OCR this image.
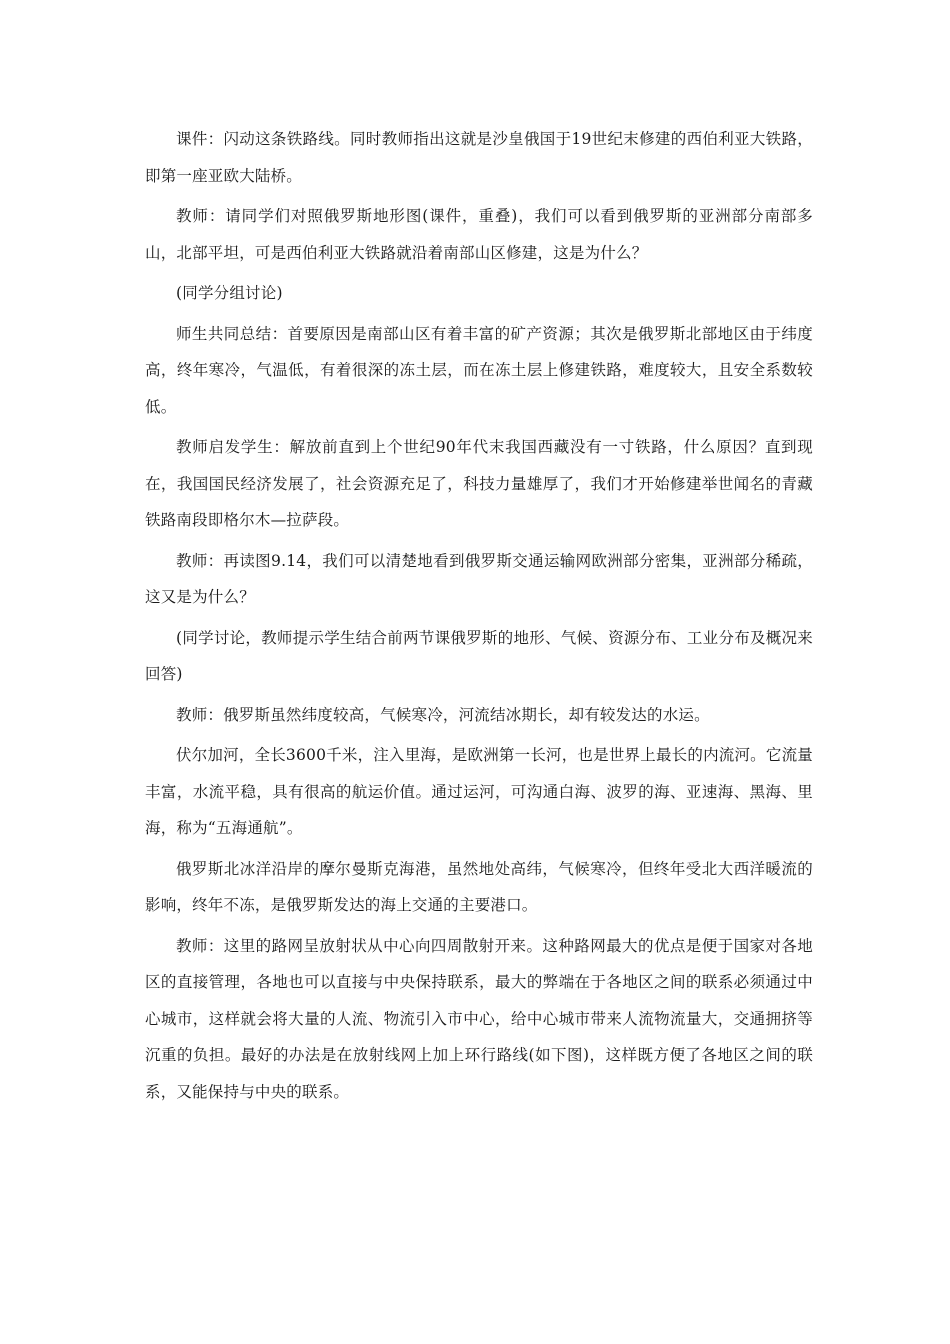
课件：闪动这条铁路线。同时教师指出这就是沙皇俄国于19世纪末修建的西伯利亚大铁路，即第一座亚欧大陆桥。

教师：请同学们对照俄罗斯地形图(课件，重叠)，我们可以看到俄罗斯的亚洲部分南部多山，北部平坦，可是西伯利亚大铁路就沿着南部山区修建，这是为什么？

(同学分组讨论)

师生共同总结：首要原因是南部山区有着丰富的矿产资源；其次是俄罗斯北部地区由于纬度高，终年寒冷，气温低，有着很深的冻土层，而在冻土层上修建铁路，难度较大，且安全系数较低。

教师启发学生：解放前直到上个世纪90年代末我国西藏没有一寸铁路，什么原因？直到现在，我国国民经济发展了，社会资源充足了，科技力量雄厚了，我们才开始修建举世闻名的青藏铁路南段即格尔木—拉萨段。

教师：再读图9.14，我们可以清楚地看到俄罗斯交通运输网欧洲部分密集，亚洲部分稀疏，这又是为什么？

(同学讨论，教师提示学生结合前两节课俄罗斯的地形、气候、资源分布、工业分布及概况来回答)

教师：俄罗斯虽然纬度较高，气候寒冷，河流结冰期长，却有较发达的水运。

伏尔加河，全长3600千米，注入里海，是欧洲第一长河，也是世界上最长的内流河。它流量丰富，水流平稳，具有很高的航运价值。通过运河，可沟通白海、波罗的海、亚速海、黑海、里海，称为“五海通航”。

俄罗斯北冰洋沿岸的摩尔曼斯克海港，虽然地处高纬，气候寒冷，但终年受北大西洋暖流的影响，终年不冻，是俄罗斯发达的海上交通的主要港口。

教师：这里的路网呈放射状从中心向四周散射开来。这种路网最大的优点是便于国家对各地区的直接管理，各地也可以直接与中央保持联系，最大的弊端在于各地区之间的联系必须通过中心城市，这样就会将大量的人流、物流引入市中心，给中心城市带来人流物流量大，交通拥挤等沉重的负担。最好的办法是在放射线网上加上环行路线(如下图)，这样既方便了各地区之间的联系，又能保持与中央的联系。
